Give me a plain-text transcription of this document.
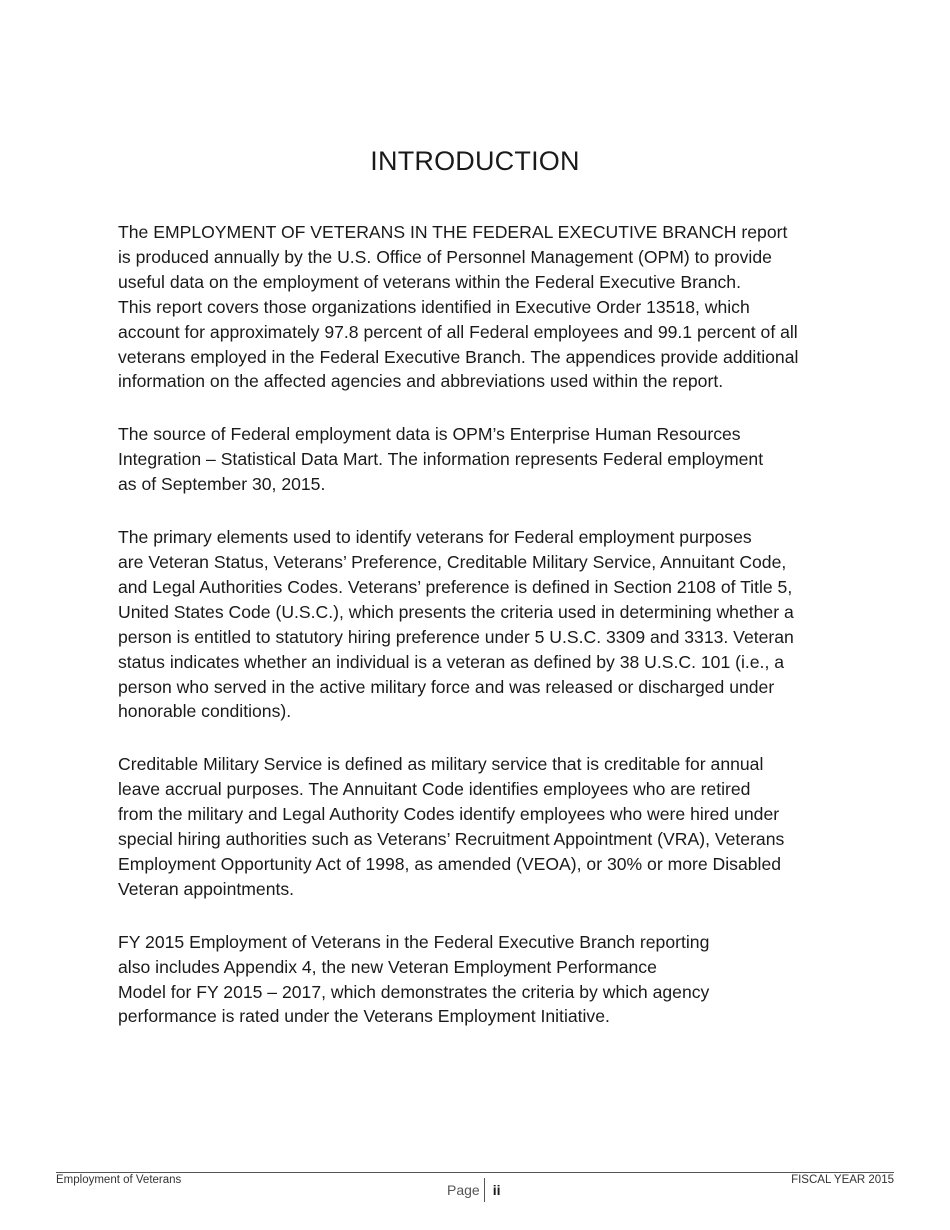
INTRODUCTION

The EMPLOYMENT OF VETERANS IN THE FEDERAL EXECUTIVE BRANCH report
is produced annually by the U.S. Office of Personnel Management (OPM) to provide
useful data on the employment of veterans within the Federal Executive Branch.
This report covers those organizations identified in Executive Order 13518, which
account for approximately 97.8 percent of all Federal employees and 99.1 percent of all
veterans employed in the Federal Executive Branch. The appendices provide additional
information on the affected agencies and abbreviations used within the report.

The source of Federal employment data is OPM’s Enterprise Human Resources
Integration – Statistical Data Mart. The information represents Federal employment
as of September 30, 2015.

The primary elements used to identify veterans for Federal employment purposes
are Veteran Status, Veterans’ Preference, Creditable Military Service, Annuitant Code,
and Legal Authorities Codes. Veterans’ preference is defined in Section 2108 of Title 5,
United States Code (U.S.C.), which presents the criteria used in determining whether a
person is entitled to statutory hiring preference under 5 U.S.C. 3309 and 3313. Veteran
status indicates whether an individual is a veteran as defined by 38 U.S.C. 101 (i.e., a
person who served in the active military force and was released or discharged under
honorable conditions).

Creditable Military Service is defined as military service that is creditable for annual
leave accrual purposes. The Annuitant Code identifies employees who are retired
from the military and Legal Authority Codes identify employees who were hired under
special hiring authorities such as Veterans’ Recruitment Appointment (VRA), Veterans
Employment Opportunity Act of 1998, as amended (VEOA), or 30% or more Disabled
Veteran appointments.

FY 2015 Employment of Veterans in the Federal Executive Branch reporting
also includes Appendix 4, the new Veteran Employment Performance
Model for FY 2015 – 2017, which demonstrates the criteria by which agency
performance is rated under the Veterans Employment Initiative.

Employment of Veterans
Page ii
FISCAL YEAR 2015
